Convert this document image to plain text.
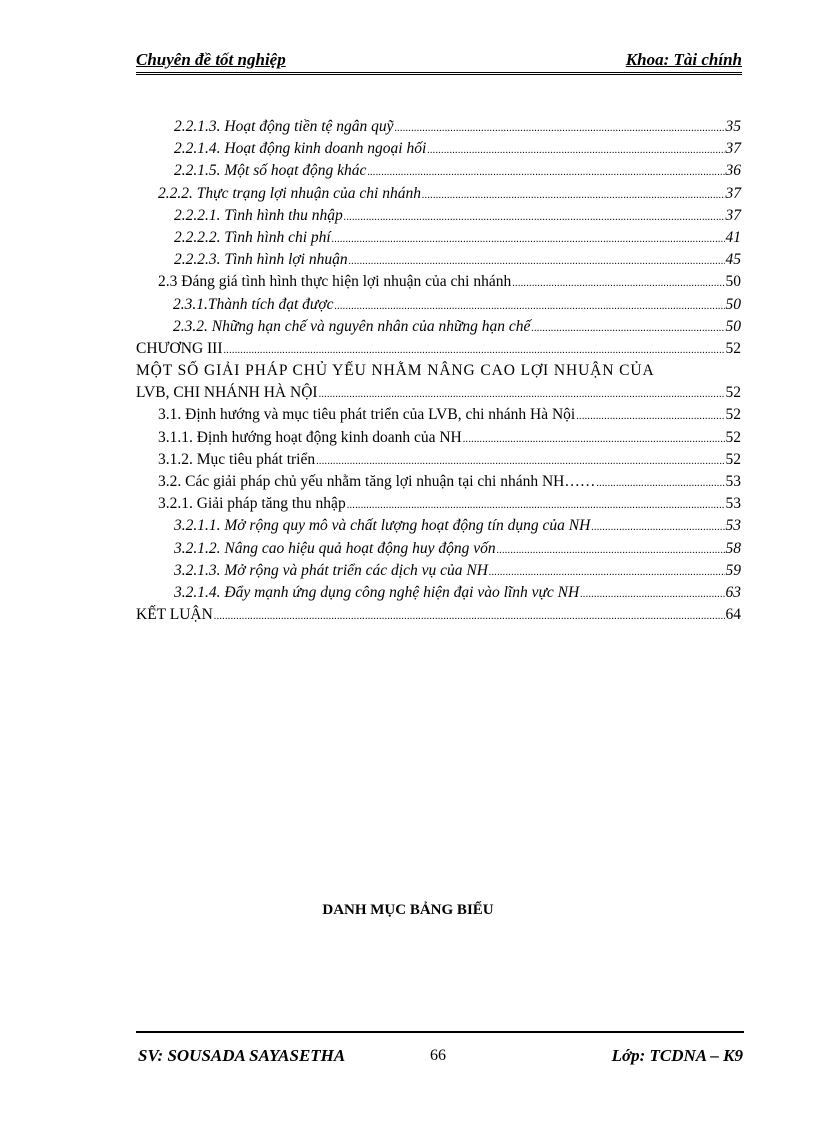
Chuyên đề tốt nghiệp	Khoa: Tài chính
2.2.1.3. Hoạt động tiền tệ ngân quỹ .....	35
2.2.1.4. Hoạt động kinh doanh ngoại hối .....	37
2.2.1.5. Một số hoạt động khác .....	36
2.2.2. Thực trạng lợi nhuận của chi nhánh .....	37
2.2.2.1. Tình hình thu nhập .....	37
2.2.2.2. Tình hình chi phí .....	41
2.2.2.3. Tình hình lợi nhuận .....	45
2.3 Đáng giá tình hình thực hiện lợi nhuận của chi nhánh .....	50
2.3.1.Thành tích đạt được .....	50
2.3.2. Những hạn chế và nguyên nhân của những hạn chế .....	50
CHƯƠNG III .....	52
MỘT SỐ GIẢI PHÁP CHỦ YẾU NHẰM NÂNG CAO LỢI NHUẬN CỦA
LVB, CHI NHÁNH HÀ NỘI .....	52
3.1. Định hướng và mục tiêu phát triển của LVB, chi nhánh Hà Nội .....	52
3.1.1. Định hướng hoạt động kinh doanh của NH .....	52
3.1.2. Mục tiêu phát triển .....	52
3.2. Các giải pháp chủ yếu nhằm tăng lợi nhuận tại chi nhánh NH…… .....	53
3.2.1. Giải pháp tăng thu nhập .....	53
3.2.1.1. Mở rộng quy mô và chất lượng hoạt động tín dụng của NH .....	53
3.2.1.2. Nâng cao hiệu quả hoạt động huy động vốn .....	58
3.2.1.3. Mở rộng và phát triển các dịch vụ của NH .....	59
3.2.1.4. Đẩy mạnh ứng dụng công nghệ hiện đại vào lĩnh vực NH .....	63
KẾT LUẬN .....	64
DANH MỤC BẢNG BIỂU
SV: SOUSADA SAYASETHA	66	Lớp: TCDNA – K9
